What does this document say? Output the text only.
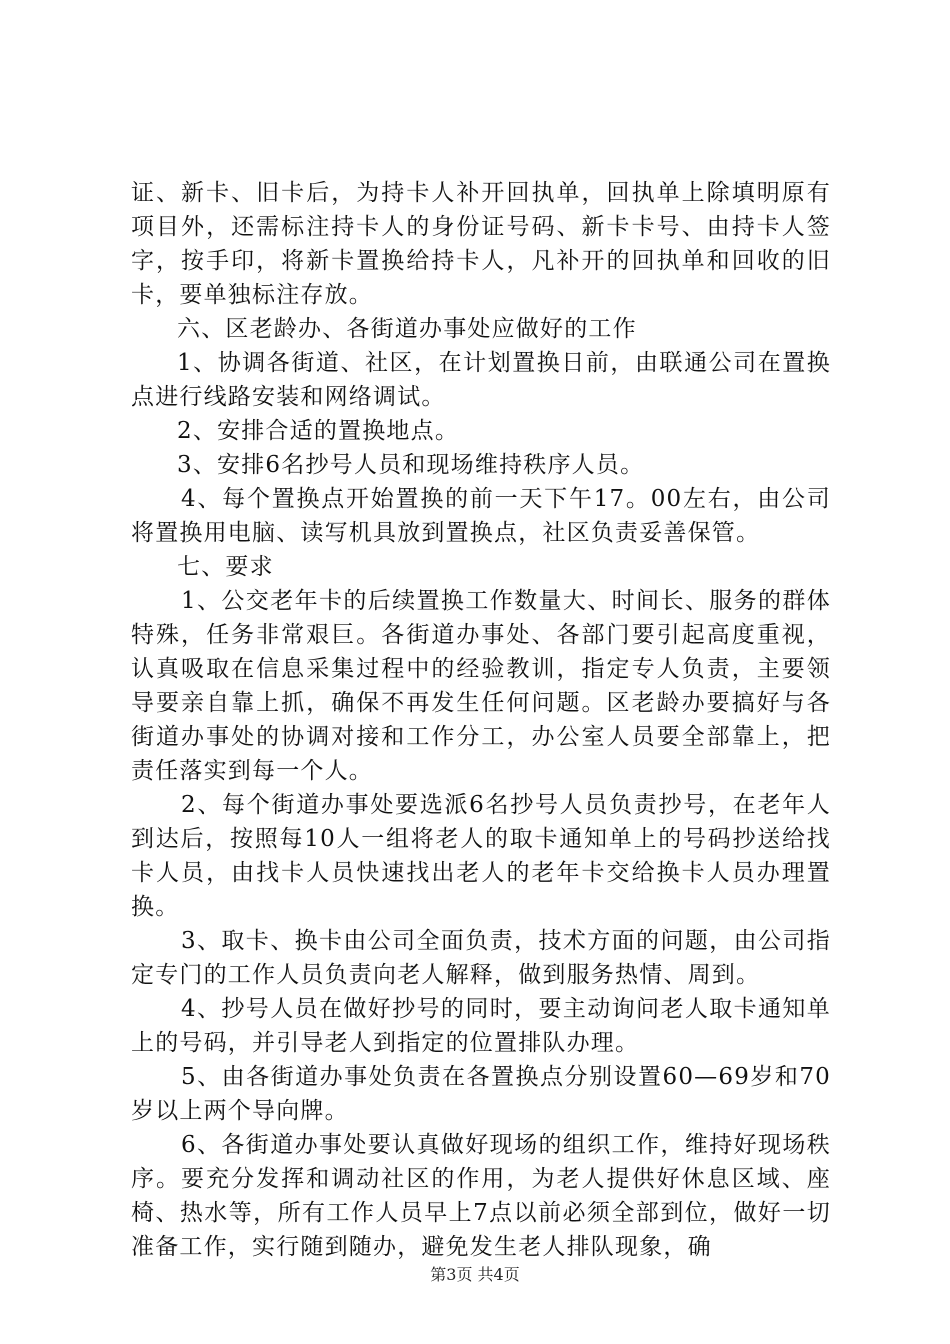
证、新卡、旧卡后，为持卡人补开回执单，回执单上除填明原有项目外，还需标注持卡人的身份证号码、新卡卡号、由持卡人签字，按手印，将新卡置换给持卡人，凡补开的回执单和回收的旧卡，要单独标注存放。

六、区老龄办、各街道办事处应做好的工作

1、协调各街道、社区，在计划置换日前，由联通公司在置换点进行线路安装和网络调试。

2、安排合适的置换地点。

3、安排6名抄号人员和现场维持秩序人员。

4、每个置换点开始置换的前一天下午17。00左右，由公司将置换用电脑、读写机具放到置换点，社区负责妥善保管。

七、要求

1、公交老年卡的后续置换工作数量大、时间长、服务的群体特殊，任务非常艰巨。各街道办事处、各部门要引起高度重视，认真吸取在信息采集过程中的经验教训，指定专人负责，主要领导要亲自靠上抓，确保不再发生任何问题。区老龄办要搞好与各街道办事处的协调对接和工作分工，办公室人员要全部靠上，把责任落实到每一个人。

2、每个街道办事处要选派6名抄号人员负责抄号，在老年人到达后，按照每10人一组将老人的取卡通知单上的号码抄送给找卡人员，由找卡人员快速找出老人的老年卡交给换卡人员办理置换。

3、取卡、换卡由公司全面负责，技术方面的问题，由公司指定专门的工作人员负责向老人解释，做到服务热情、周到。

4、抄号人员在做好抄号的同时，要主动询问老人取卡通知单上的号码，并引导老人到指定的位置排队办理。

5、由各街道办事处负责在各置换点分别设置60—69岁和70岁以上两个导向牌。

6、各街道办事处要认真做好现场的组织工作，维持好现场秩序。要充分发挥和调动社区的作用，为老人提供好休息区域、座椅、热水等，所有工作人员早上7点以前必须全部到位，做好一切准备工作，实行随到随办，避免发生老人排队现象，确

第3页 共4页
